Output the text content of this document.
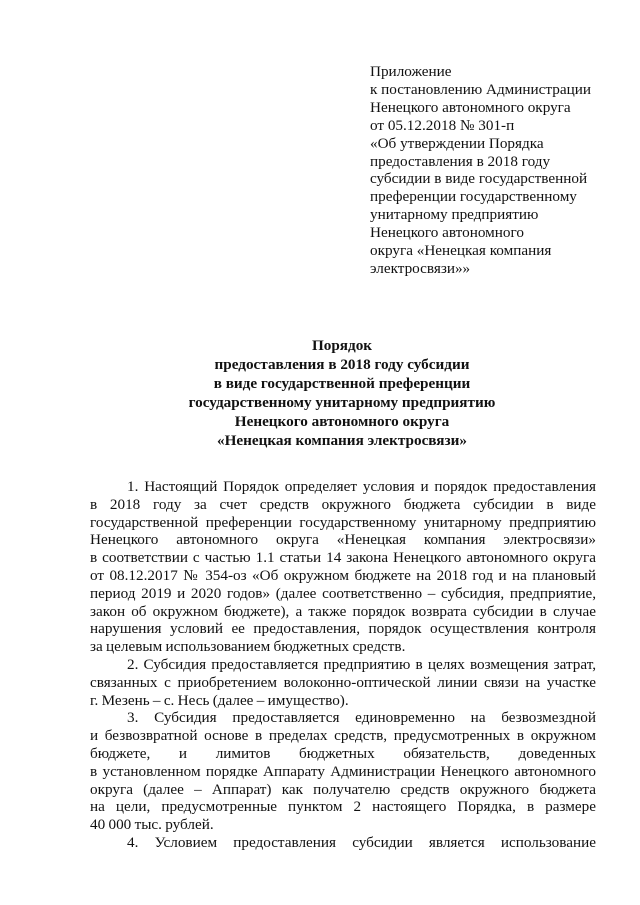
Приложение
к постановлению Администрации
Ненецкого автономного округа
от 05.12.2018 № 301-п
«Об утверждении Порядка
предоставления в 2018 году
субсидии в виде государственной
преференции государственному
унитарному предприятию
Ненецкого автономного
округа «Ненецкая компания
электросвязи»»
Порядок
предоставления в 2018 году субсидии
в виде государственной преференции
государственному унитарному предприятию
Ненецкого автономного округа
«Ненецкая компания электросвязи»
1. Настоящий Порядок определяет условия и порядок предоставления
в 2018 году за счет средств окружного бюджета субсидии в виде
государственной преференции государственному унитарному предприятию
Ненецкого автономного округа «Ненецкая компания электросвязи»
в соответствии с частью 1.1 статьи 14 закона Ненецкого автономного округа
от 08.12.2017 № 354-оз «Об окружном бюджете на 2018 год и на плановый
период 2019 и 2020 годов» (далее соответственно – субсидия, предприятие,
закон об окружном бюджете), а также порядок возврата субсидии в случае
нарушения условий ее предоставления, порядок осуществления контроля
за целевым использованием бюджетных средств.
2. Субсидия предоставляется предприятию в целях возмещения затрат,
связанных с приобретением волоконно-оптической линии связи на участке
г. Мезень – с. Несь (далее – имущество).
3. Субсидия предоставляется единовременно на безвозмездной
и безвозвратной основе в пределах средств, предусмотренных в окружном
бюджете, и лимитов бюджетных обязательств, доведенных
в установленном порядке Аппарату Администрации Ненецкого автономного
округа (далее – Аппарат) как получателю средств окружного бюджета
на цели, предусмотренные пунктом 2 настоящего Порядка, в размере
40 000 тыс. рублей.
4. Условием предоставления субсидии является использование
